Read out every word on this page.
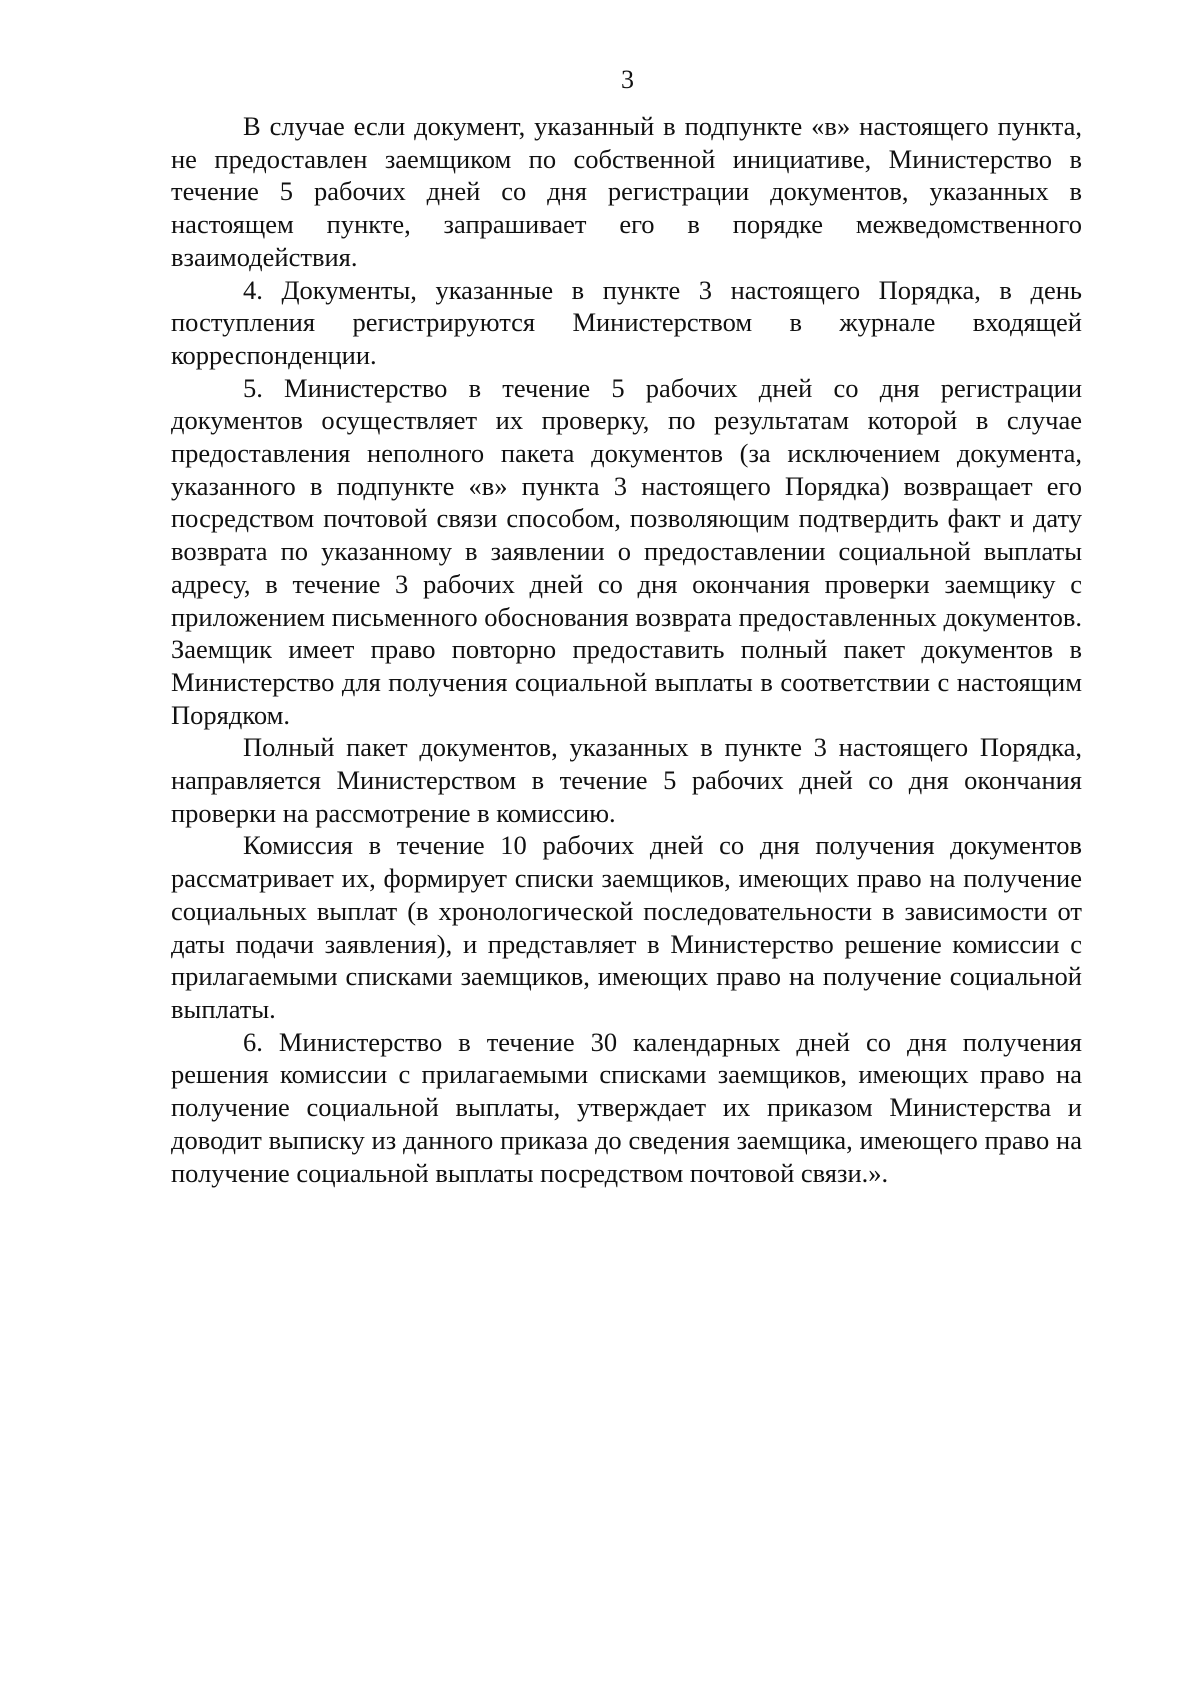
3

В случае если документ, указанный в подпункте «в» настоящего пункта, не предоставлен заемщиком по собственной инициативе, Министерство в течение 5 рабочих дней со дня регистрации документов, указанных в настоящем пункте, запрашивает его в порядке межведомственного взаимодействия.

4. Документы, указанные в пункте 3 настоящего Порядка, в день поступления регистрируются Министерством в журнале входящей корреспонденции.

5. Министерство в течение 5 рабочих дней со дня регистрации документов осуществляет их проверку, по результатам которой в случае предоставления неполного пакета документов (за исключением документа, указанного в подпункте «в» пункта 3 настоящего Порядка) возвращает его посредством почтовой связи способом, позволяющим подтвердить факт и дату возврата по указанному в заявлении о предоставлении социальной выплаты адресу, в течение 3 рабочих дней со дня окончания проверки заемщику с приложением письменного обоснования возврата предоставленных документов. Заемщик имеет право повторно предоставить полный пакет документов в Министерство для получения социальной выплаты в соответствии с настоящим Порядком.

Полный пакет документов, указанных в пункте 3 настоящего Порядка, направляется Министерством в течение 5 рабочих дней со дня окончания проверки на рассмотрение в комиссию.

Комиссия в течение 10 рабочих дней со дня получения документов рассматривает их, формирует списки заемщиков, имеющих право на получение социальных выплат (в хронологической последовательности в зависимости от даты подачи заявления), и представляет в Министерство решение комиссии с прилагаемыми списками заемщиков, имеющих право на получение социальной выплаты.

6. Министерство в течение 30 календарных дней со дня получения решения комиссии с прилагаемыми списками заемщиков, имеющих право на получение социальной выплаты, утверждает их приказом Министерства и доводит выписку из данного приказа до сведения заемщика, имеющего право на получение социальной выплаты посредством почтовой связи.».
